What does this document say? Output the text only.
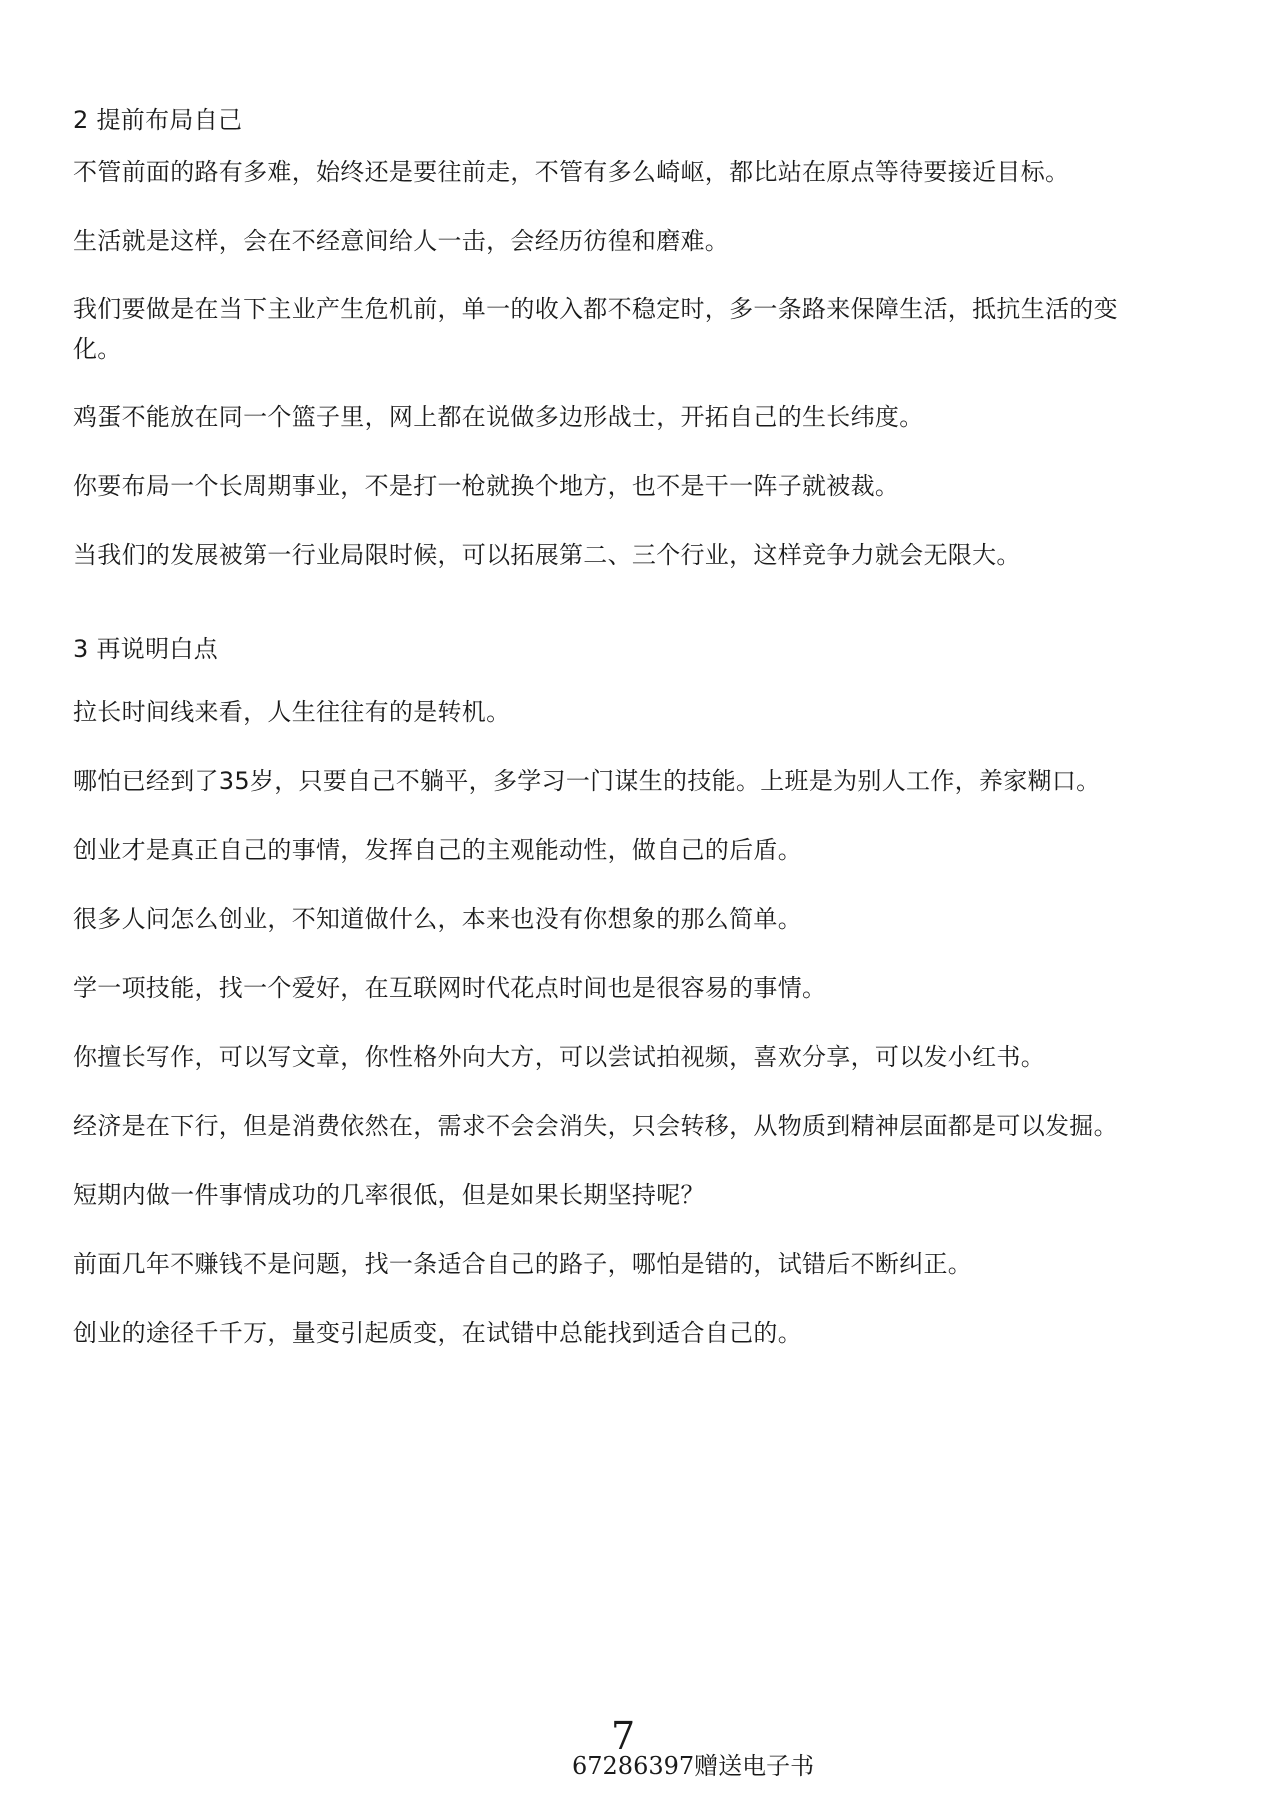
2 提前布局自己

不管前面的路有多难，始终还是要往前走，不管有多么崎岖，都比站在原点等待要接近目标。

生活就是这样，会在不经意间给人一击，会经历彷徨和磨难。

我们要做是在当下主业产生危机前，单一的收入都不稳定时，多一条路来保障生活，抵抗生活的变

化。

鸡蛋不能放在同一个篮子里，网上都在说做多边形战士，开拓自己的生长纬度。

你要布局一个长周期事业，不是打一枪就换个地方，也不是干一阵子就被裁。

当我们的发展被第一行业局限时候，可以拓展第二、三个行业，这样竞争力就会无限大。

3 再说明白点

拉长时间线来看，人生往往有的是转机。

哪怕已经到了35岁，只要自己不躺平，多学习一门谋生的技能。上班是为别人工作，养家糊口。

创业才是真正自己的事情，发挥自己的主观能动性，做自己的后盾。

很多人问怎么创业，不知道做什么，本来也没有你想象的那么简单。

学一项技能，找一个爱好，在互联网时代花点时间也是很容易的事情。

你擅长写作，可以写文章，你性格外向大方，可以尝试拍视频，喜欢分享，可以发小红书。

经济是在下行，但是消费依然在，需求不会会消失，只会转移，从物质到精神层面都是可以发掘。

短期内做一件事情成功的几率很低，但是如果长期坚持呢？

前面几年不赚钱不是问题，找一条适合自己的路子，哪怕是错的，试错后不断纠正。

创业的途径千千万，量变引起质变，在试错中总能找到适合自己的。

7
67286397赠送电子书
